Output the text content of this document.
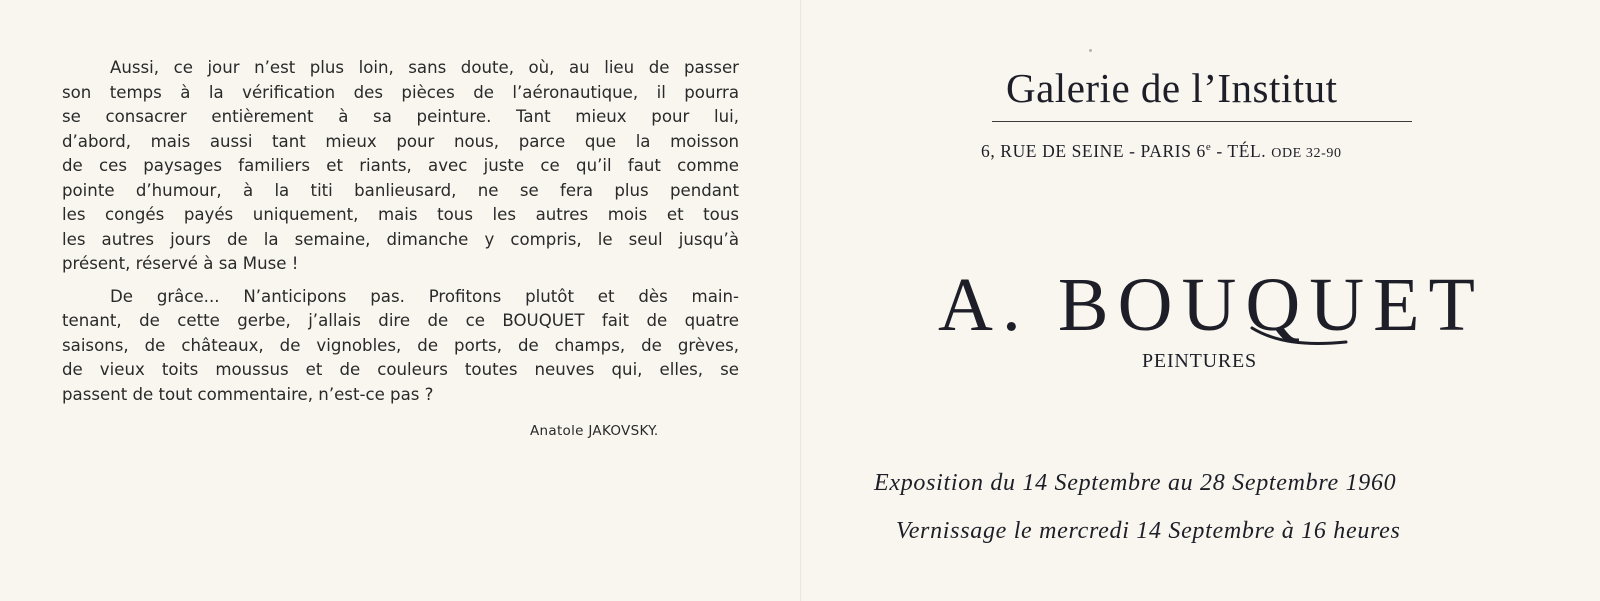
Aussi, ce jour n’est plus loin, sans doute, où, au lieu de passer
son temps à la vérification des pièces de l’aéronautique, il pourra
se consacrer entièrement à sa peinture. Tant mieux pour lui,
d’abord, mais aussi tant mieux pour nous, parce que la moisson
de ces paysages familiers et riants, avec juste ce qu’il faut comme
pointe d’humour, à la titi banlieusard, ne se fera plus pendant
les congés payés uniquement, mais tous les autres mois et tous
les autres jours de la semaine, dimanche y compris, le seul jusqu’à
présent, réservé à sa Muse !
De grâce... N’anticipons pas. Profitons plutôt et dès main-
tenant, de cette gerbe, j’allais dire de ce BOUQUET fait de quatre
saisons, de châteaux, de vignobles, de ports, de champs, de grèves,
de vieux toits moussus et de couleurs toutes neuves qui, elles, se
passent de tout commentaire, n’est-ce pas ?
Anatole JAKOVSKY.
Galerie de l’Institut
6, RUE DE SEINE - PARIS 6e - TÉL. ODE 32-90
A. BOUQUET
PEINTURES
Exposition du 14 Septembre au 28 Septembre 1960
Vernissage le mercredi 14 Septembre à 16 heures
